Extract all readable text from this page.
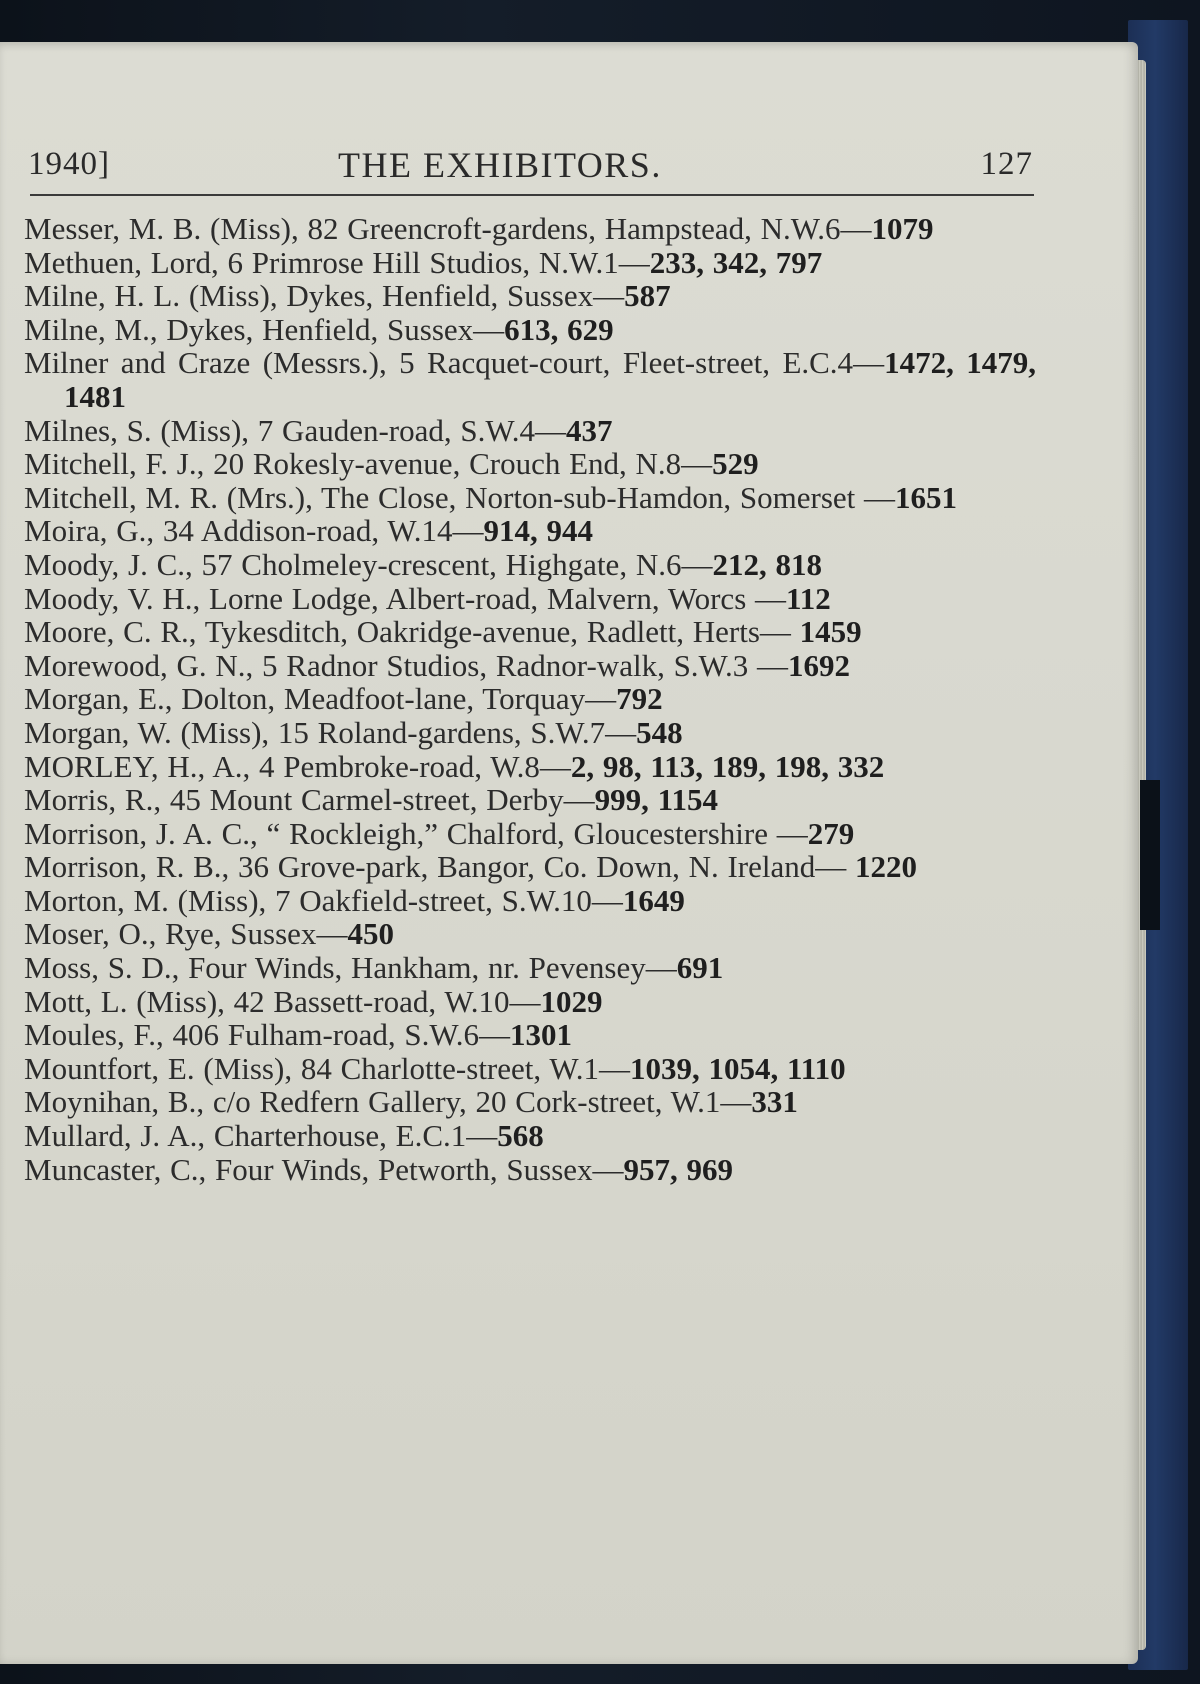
1940]	THE EXHIBITORS.	127
Messer, M. B. (Miss), 82 Greencroft-gardens, Hampstead, N.W.6—1079
Methuen, Lord, 6 Primrose Hill Studios, N.W.1—233, 342, 797
Milne, H. L. (Miss), Dykes, Henfield, Sussex—587
Milne, M., Dykes, Henfield, Sussex—613, 629
Milner and Craze (Messrs.), 5 Racquet-court, Fleet-street, E.C.4—1472, 1479, 1481
Milnes, S. (Miss), 7 Gauden-road, S.W.4—437
Mitchell, F. J., 20 Rokesly-avenue, Crouch End, N.8—529
Mitchell, M. R. (Mrs.), The Close, Norton-sub-Hamdon, Somerset —1651
Moira, G., 34 Addison-road, W.14—914, 944
Moody, J. C., 57 Cholmeley-crescent, Highgate, N.6—212, 818
Moody, V. H., Lorne Lodge, Albert-road, Malvern, Worcs —112
Moore, C. R., Tykesditch, Oakridge-avenue, Radlett, Herts— 1459
Morewood, G. N., 5 Radnor Studios, Radnor-walk, S.W.3 —1692
Morgan, E., Dolton, Meadfoot-lane, Torquay—792
Morgan, W. (Miss), 15 Roland-gardens, S.W.7—548
MORLEY, H., A., 4 Pembroke-road, W.8—2, 98, 113, 189, 198, 332
Morris, R., 45 Mount Carmel-street, Derby—999, 1154
Morrison, J. A. C., “ Rockleigh,” Chalford, Gloucestershire —279
Morrison, R. B., 36 Grove-park, Bangor, Co. Down, N. Ireland— 1220
Morton, M. (Miss), 7 Oakfield-street, S.W.10—1649
Moser, O., Rye, Sussex—450
Moss, S. D., Four Winds, Hankham, nr. Pevensey—691
Mott, L. (Miss), 42 Bassett-road, W.10—1029
Moules, F., 406 Fulham-road, S.W.6—1301
Mountfort, E. (Miss), 84 Charlotte-street, W.1—1039, 1054, 1110
Moynihan, B., c/o Redfern Gallery, 20 Cork-street, W.1—331
Mullard, J. A., Charterhouse, E.C.1—568
Muncaster, C., Four Winds, Petworth, Sussex—957, 969
